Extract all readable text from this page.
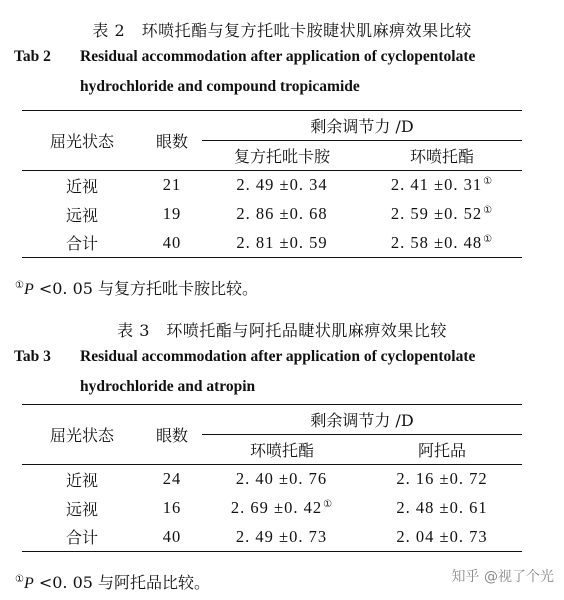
表 2　环喷托酯与复方托吡卡胺睫状肌麻痹效果比较
Tab 2 Residual accommodation after application of cyclopentolate
hydrochloride and compound tropicamide
屈光状态	眼数	剩余调节力 /D	
		复方托吡卡胺	环喷托酯
近视	21	2. 49 ±0. 34	2. 41 ±0. 31①
远视	19	2. 86 ±0. 68	2. 59 ±0. 52①
合计	40	2. 81 ±0. 59	2. 58 ±0. 48①
①P <0. 05 与复方托吡卡胺比较。
表 3　环喷托酯与阿托品睫状肌麻痹效果比较
Tab 3 Residual accommodation after application of cyclopentolate
hydrochloride and atropin
屈光状态	眼数	剩余调节力 /D	
		环喷托酯	阿托品
近视	24	2. 40 ±0. 76	2. 16 ±0. 72
远视	16	2. 69 ±0. 42①	2. 48 ±0. 61
合计	40	2. 49 ±0. 73	2. 04 ±0. 73
①P <0. 05 与阿托品比较。	知乎 @视了个光
